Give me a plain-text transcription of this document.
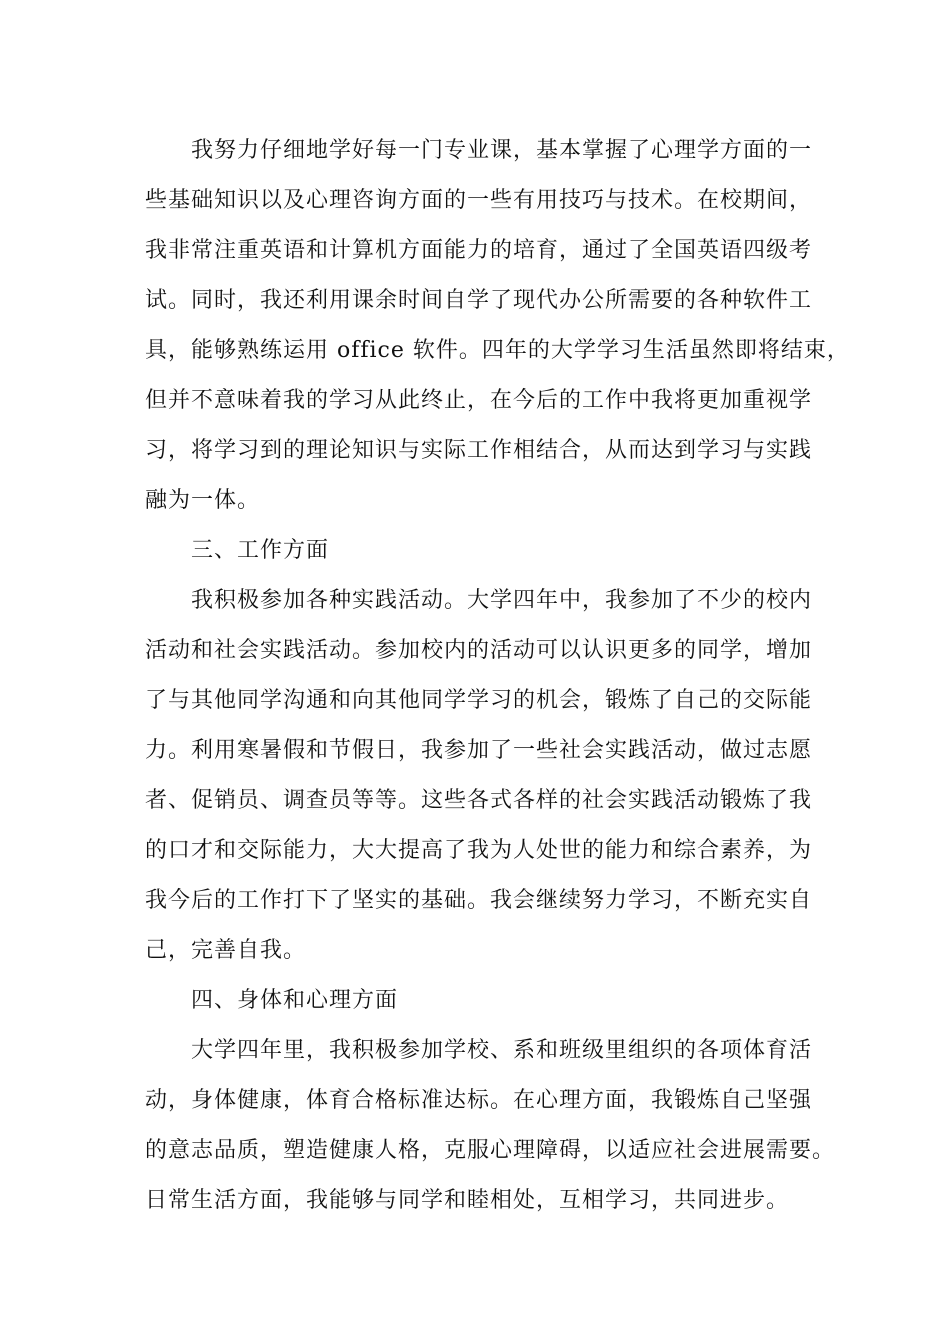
我努力仔细地学好每一门专业课，基本掌握了心理学方面的一
些基础知识以及心理咨询方面的一些有用技巧与技术。在校期间，
我非常注重英语和计算机方面能力的培育，通过了全国英语四级考
试。同时，我还利用课余时间自学了现代办公所需要的各种软件工
具，能够熟练运用 office 软件。四年的大学学习生活虽然即将结束，
但并不意味着我的学习从此终止，在今后的工作中我将更加重视学
习，将学习到的理论知识与实际工作相结合，从而达到学习与实践
融为一体。
三、工作方面
我积极参加各种实践活动。大学四年中，我参加了不少的校内
活动和社会实践活动。参加校内的活动可以认识更多的同学，增加
了与其他同学沟通和向其他同学学习的机会，锻炼了自己的交际能
力。利用寒暑假和节假日，我参加了一些社会实践活动，做过志愿
者、促销员、调查员等等。这些各式各样的社会实践活动锻炼了我
的口才和交际能力，大大提高了我为人处世的能力和综合素养，为
我今后的工作打下了坚实的基础。我会继续努力学习，不断充实自
己，完善自我。
四、身体和心理方面
大学四年里，我积极参加学校、系和班级里组织的各项体育活
动，身体健康，体育合格标准达标。在心理方面，我锻炼自己坚强
的意志品质，塑造健康人格，克服心理障碍，以适应社会进展需要。
日常生活方面，我能够与同学和睦相处，互相学习，共同进步。
